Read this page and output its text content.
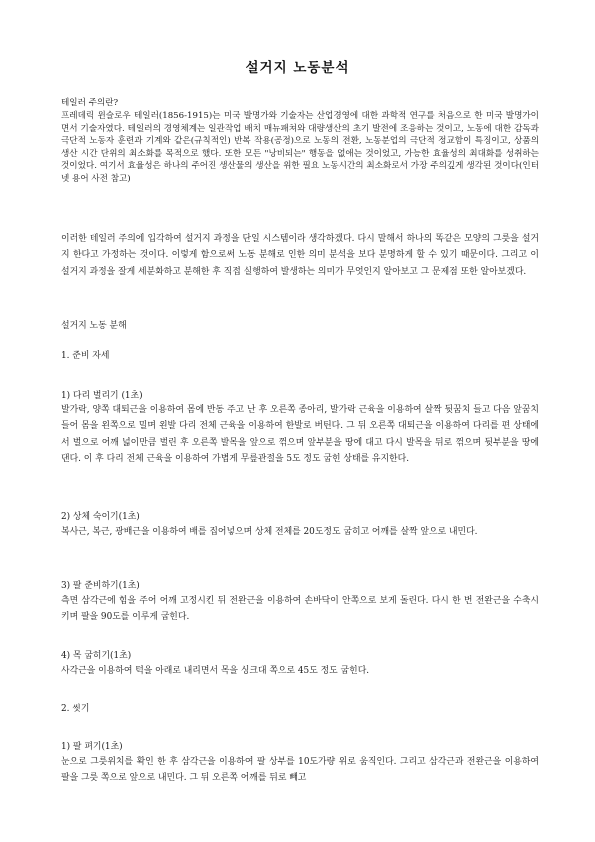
설거지 노동분석
테일러 주의란?

프레데릭 윈슬로우 테일러(1856-1915)는 미국 발명가와 기술자는 산업경영에 대한 과학적 연구를 처음으로 한 미국 발명가이면서 기술자였다. 테일러의 경영체계는 일관작업 배치 매뉴패쳐와 대량생산의 초기 발전에 조응하는 것이고, 노동에 대한 감독과 극단적 노동자 훈련과 기계와 같은(규칙적인) 반복 작용(공정)으로 노동의 전환, 노동분업의 극단적 정교함이 특징이고, 상품의 생산 시간 단위의 최소화를 목적으로 했다. 또한 모든 "낭비되는" 행동을 없애는 것이었고, 가능한 효율성의 최대화를 성취하는 것이었다. 여기서 효율성은 하나의 주어진 생산물의 생산을 위한 필요 노동시간의 최소화로서 가장 주의깊게 생각된 것이다(인터넷 용어 사전 참고)

이러한 테일러 주의에 입각하여 설거지 과정을 단일 시스템이라 생각하겠다. 다시 말해서 하나의 똑같은 모양의 그릇을 설거지 한다고 가정하는 것이다. 이렇게 함으로써 노동 분해로 인한 의미 분석을 보다 분명하게 할 수 있기 때문이다. 그리고 이 설거지 과정을 잘게 세분화하고 분해한 후 직접 실행하여 발생하는 의미가 무엇인지 알아보고 그 문제점 또한 알아보겠다.

설거지 노동 분해
1. 준비 자세
1) 다리 벌리기 (1초)

발가락, 양쪽 대퇴근을 이용하여 몸에 반동 주고 난 후 오른쪽 종아리, 발가락 근육을 이용하여 살짝 뒷꿈치 들고 다음 앞꿈치 들어 몸을 왼쪽으로 밀며 왼발 다리 전체 근육을 이용하여 한발로 버틴다. 그 뒤 오른쪽 대퇴근을 이용하여 다리를 편 상태에서 벌으로 어깨 넓이만큼 벌린 후 오른쪽 발목을 앞으로 꺾으며 앞부분을 땅에 대고 다시 발목을 뒤로 꺾으며 뒷부분을 땅에 댄다. 이 후 다리 전체 근육을 이용하여 가볍게 무릎관절을 5도 정도 굽힌 상태를 유지한다.

2) 상체 숙이기(1초)

복사근, 복근, 광배근을 이용하여 배를 집어넣으며 상체 전체를 20도정도 굽히고 어깨를 살짝 앞으로 내민다.

3) 팔 준비하기(1초)

측면 삼각근에 힘을 주어 어깨 고정시킨 뒤 전완근을 이용하여 손바닥이 안쪽으로 보게 돌린다. 다시 한 번 전완근을 수축시키며 팔을 90도를 이루게 굽힌다.

4) 목 굽히기(1초)

사각근을 이용하여 턱을 아래로 내리면서 목을 싱크대 쪽으로 45도 정도 굽힌다.

2. 씻기
1) 팔 펴기(1초)

눈으로 그릇위치를 확인 한 후 삼각근을 이용하여 팔 상부를 10도가량 위로 움직인다. 그리고 삼각근과 전완근을 이용하여 팔을 그릇 쪽으로 앞으로 내민다. 그 뒤 오른쪽 어깨를 뒤로 빼고
